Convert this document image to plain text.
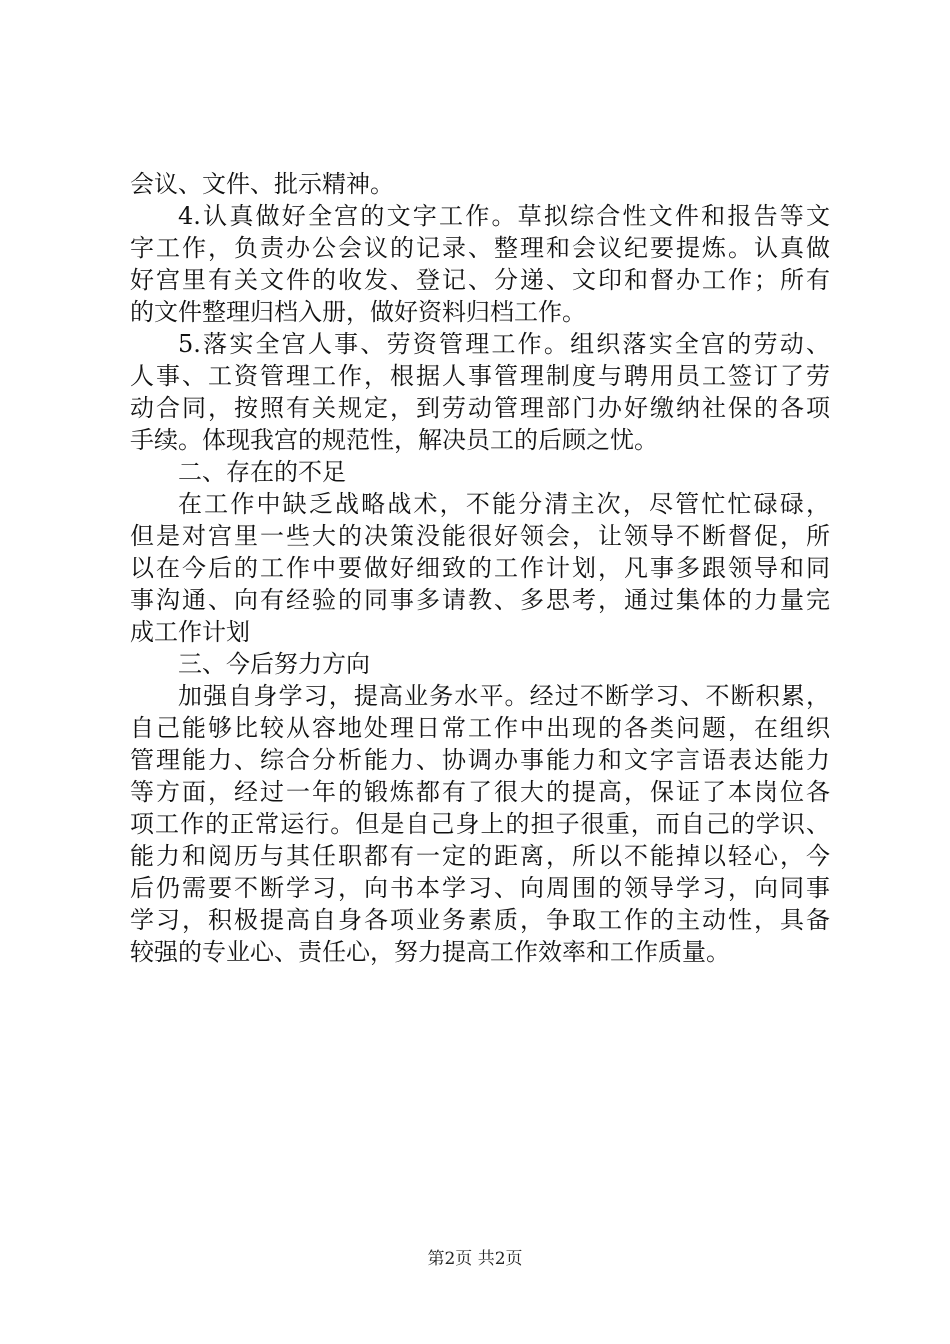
会议、文件、批示精神。
4.认真做好全宫的文字工作。草拟综合性文件和报告等文
字工作，负责办公会议的记录、整理和会议纪要提炼。认真做
好宫里有关文件的收发、登记、分递、文印和督办工作；所有
的文件整理归档入册，做好资料归档工作。
5.落实全宫人事、劳资管理工作。组织落实全宫的劳动、
人事、工资管理工作，根据人事管理制度与聘用员工签订了劳
动合同，按照有关规定，到劳动管理部门办好缴纳社保的各项
手续。体现我宫的规范性，解决员工的后顾之忧。
二、存在的不足
在工作中缺乏战略战术，不能分清主次，尽管忙忙碌碌，
但是对宫里一些大的决策没能很好领会，让领导不断督促，所
以在今后的工作中要做好细致的工作计划，凡事多跟领导和同
事沟通、向有经验的同事多请教、多思考，通过集体的力量完
成工作计划
三、今后努力方向
加强自身学习，提高业务水平。经过不断学习、不断积累，
自己能够比较从容地处理日常工作中出现的各类问题，在组织
管理能力、综合分析能力、协调办事能力和文字言语表达能力
等方面，经过一年的锻炼都有了很大的提高，保证了本岗位各
项工作的正常运行。但是自己身上的担子很重，而自己的学识、
能力和阅历与其任职都有一定的距离，所以不能掉以轻心，今
后仍需要不断学习，向书本学习、向周围的领导学习，向同事
学习，积极提高自身各项业务素质，争取工作的主动性，具备
较强的专业心、责任心，努力提高工作效率和工作质量。
第2页 共2页
